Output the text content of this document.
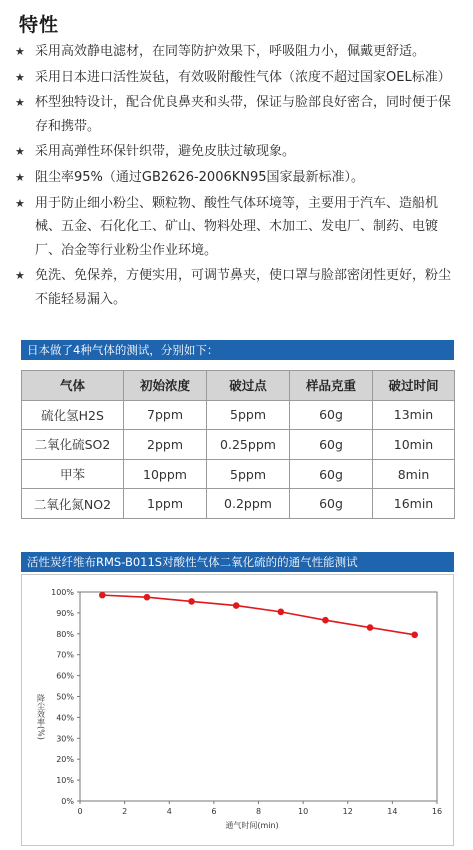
特性
★ 采用高效静电滤材，在同等防护效果下，呼吸阻力小，佩戴更舒适。
★ 采用日本进口活性炭毡，有效吸附酸性气体（浓度不超过国家OEL标准）
★ 杯型独特设计，配合优良鼻夹和头带，保证与脸部良好密合，同时便于保存和携带。
★ 采用高弹性环保针织带，避免皮肤过敏现象。
★ 阻尘率95%（通过GB2626-2006KN95国家最新标准）。
★ 用于防止细小粉尘、颗粒物、酸性气体环境等，主要用于汽车、造船机械、五金、石化化工、矿山、物料处理、木加工、发电厂、制药、电镀厂、冶金等行业粉尘作业环境。
★ 免洗、免保养，方便实用，可调节鼻夹，使口罩与脸部密闭性更好，粉尘不能轻易漏入。
日本做了4种气体的测试，分别如下：
气体	初始浓度	破过点	样品克重	破过时间
硫化氢H2S	7ppm	5ppm	60g	13min
二氧化硫SO2	2ppm	0.25ppm	60g	10min
甲苯	10ppm	5ppm	60g	8min
二氧化氮NO2	1ppm	0.2ppm	60g	16min
活性炭纤维布RMS-B011S对酸性气体二氧化硫的的通气性能测试
0%
10%
20%
30%
40%
50%
60%
70%
80%
90%
100%
0	2	4	6	8	10	12	14	16
降尘效率(%)
通气时间(min)
